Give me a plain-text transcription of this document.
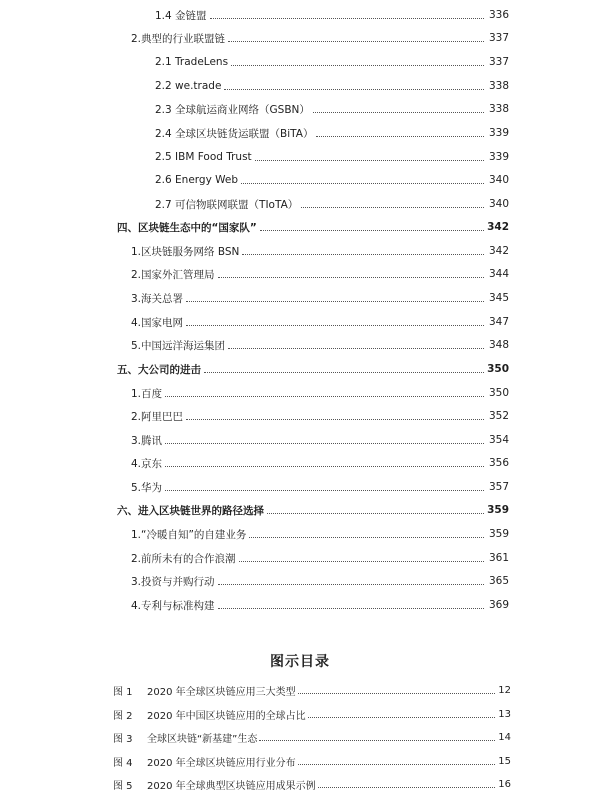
1.4 金链盟	336
2.典型的行业联盟链	337
2.1 TradeLens	337
2.2 we.trade	338
2.3 全球航运商业网络（GSBN）	338
2.4 全球区块链货运联盟（BiTA）	339
2.5 IBM Food Trust	339
2.6 Energy Web	340
2.7 可信物联网联盟（TIoTA）	340
四、区块链生态中的“国家队”	342
1.区块链服务网络 BSN	342
2.国家外汇管理局	344
3.海关总署	345
4.国家电网	347
5.中国远洋海运集团	348
五、大公司的进击	350
1.百度	350
2.阿里巴巴	352
3.腾讯	354
4.京东	356
5.华为	357
六、进入区块链世界的路径选择	359
1.“冷暖自知”的自建业务	359
2.前所未有的合作浪潮	361
3.投资与并购行动	365
4.专利与标准构建	369
图示目录
图 1	2020 年全球区块链应用三大类型	12
图 2	2020 年中国区块链应用的全球占比	13
图 3	全球区块链“新基建”生态	14
图 4	2020 年全球区块链应用行业分布	15
图 5	2020 年全球典型区块链应用成果示例	16
